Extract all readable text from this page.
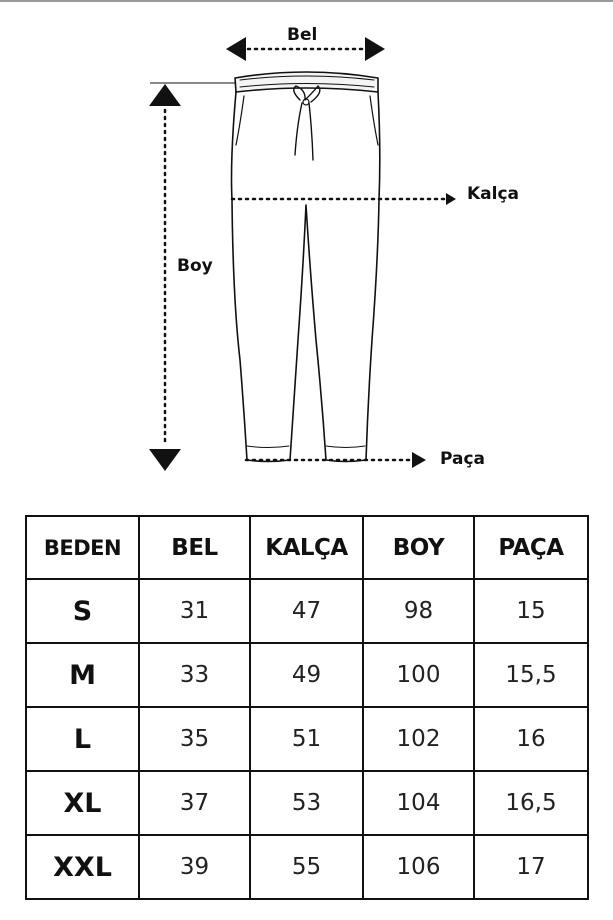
Bel
Kalça
Boy
Paça
BEDEN	BEL	KALÇA	BOY	PAÇA
S	31	47	98	15
M	33	49	100	15,5
L	35	51	102	16
XL	37	53	104	16,5
XXL	39	55	106	17
